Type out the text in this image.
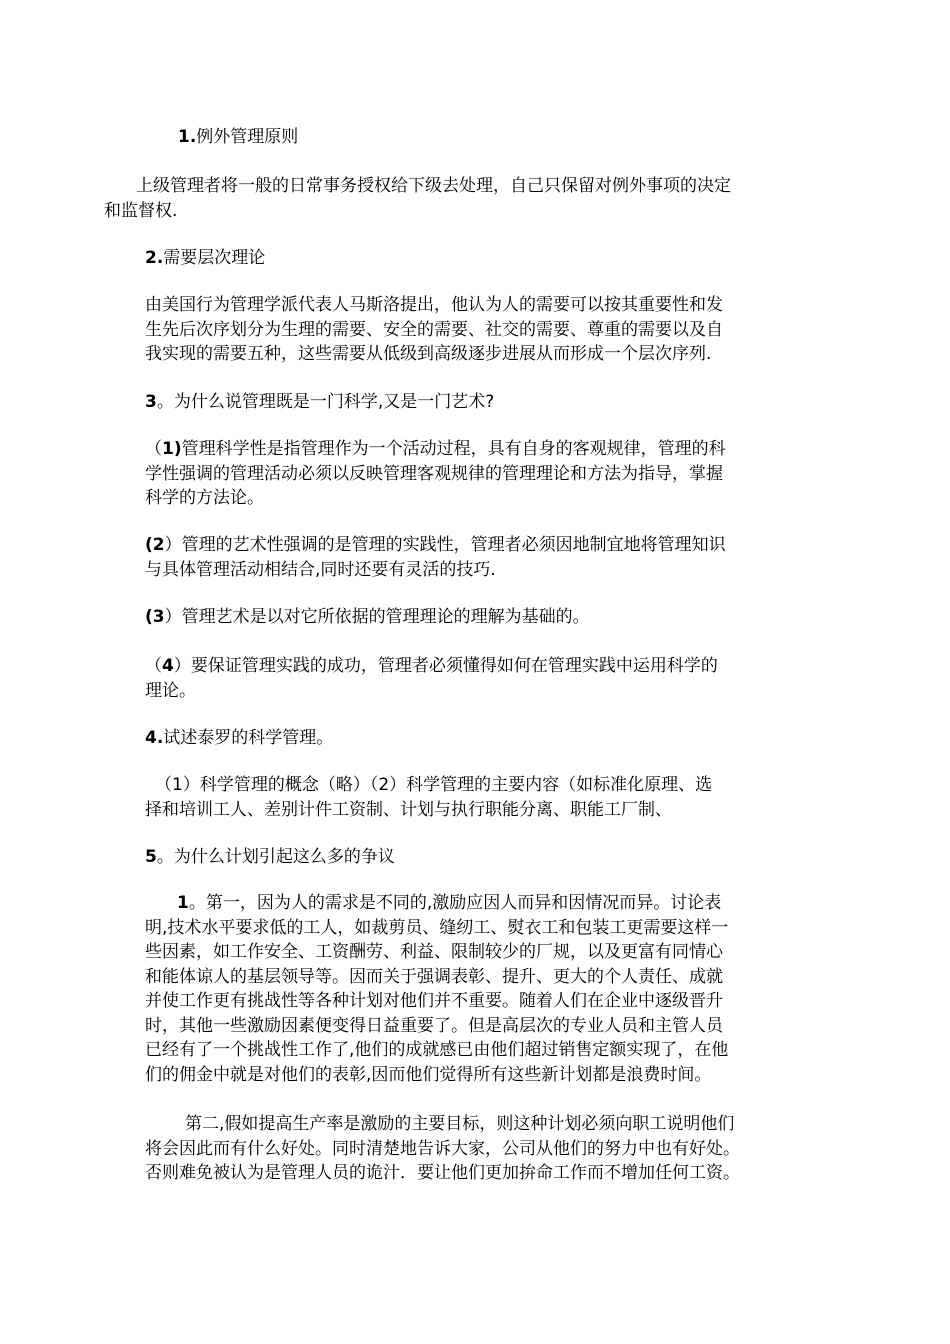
1.例外管理原则
上级管理者将一般的日常事务授权给下级去处理，自己只保留对例外事项的决定
和监督权.
2.需要层次理论
由美国行为管理学派代表人马斯洛提出，他认为人的需要可以按其重要性和发
生先后次序划分为生理的需要、安全的需要、社交的需要、尊重的需要以及自
我实现的需要五种，这些需要从低级到高级逐步进展从而形成一个层次序列.
3。为什么说管理既是一门科学,又是一门艺术?
（1)管理科学性是指管理作为一个活动过程，具有自身的客观规律，管理的科
学性强调的管理活动必须以反映管理客观规律的管理理论和方法为指导，掌握
科学的方法论。
(2）管理的艺术性强调的是管理的实践性，管理者必须因地制宜地将管理知识
与具体管理活动相结合,同时还要有灵活的技巧.
(3）管理艺术是以对它所依据的管理理论的理解为基础的。
（4）要保证管理实践的成功，管理者必须懂得如何在管理实践中运用科学的
理论。
4.试述泰罗的科学管理。
（1）科学管理的概念（略）（2）科学管理的主要内容（如标准化原理、选
择和培训工人、差别计件工资制、计划与执行职能分离、职能工厂制、
5。为什么计划引起这么多的争议
1。第一，因为人的需求是不同的,激励应因人而异和因情况而异。讨论表
明,技术水平要求低的工人，如裁剪员、缝纫工、熨衣工和包装工更需要这样一
些因素，如工作安全、工资酬劳、利益、限制较少的厂规，以及更富有同情心
和能体谅人的基层领导等。因而关于强调表彰、提升、更大的个人责任、成就
并使工作更有挑战性等各种计划对他们并不重要。随着人们在企业中逐级晋升
时，其他一些激励因素便变得日益重要了。但是高层次的专业人员和主管人员
已经有了一个挑战性工作了,他们的成就感已由他们超过销售定额实现了，在他
们的佣金中就是对他们的表彰,因而他们觉得所有这些新计划都是浪费时间。
第二,假如提高生产率是激励的主要目标，则这种计划必须向职工说明他们
将会因此而有什么好处。同时清楚地告诉大家，公司从他们的努力中也有好处。
否则难免被认为是管理人员的诡汁．要让他们更加拚命工作而不增加任何工资。
